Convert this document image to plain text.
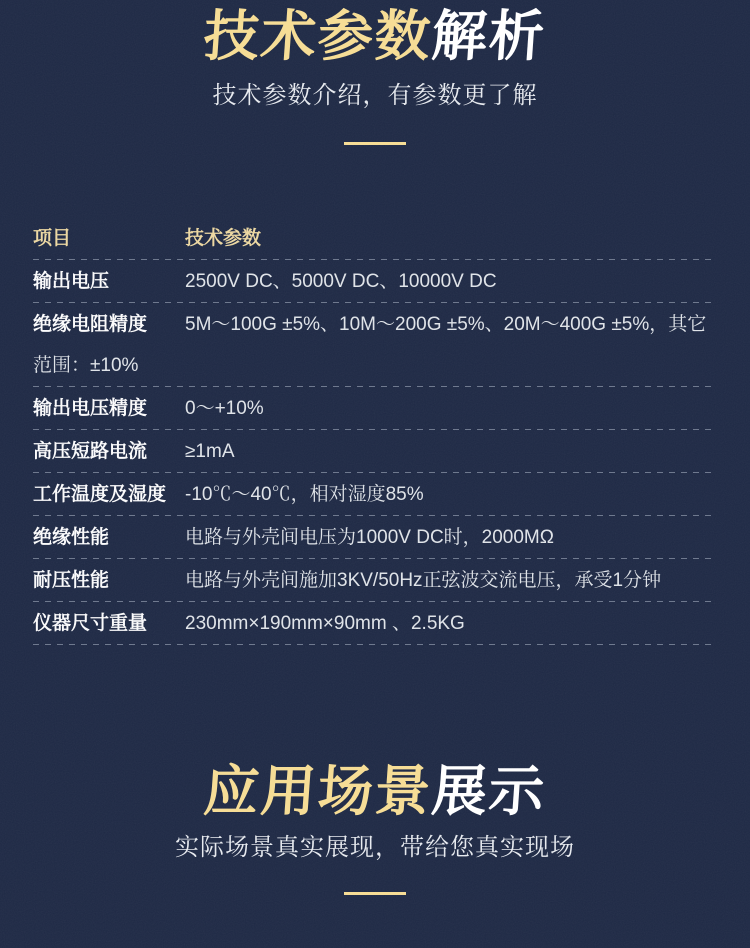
技术参数解析
技术参数介绍，有参数更了解
项目	技术参数
输出电压	2500V DC、5000V DC、10000V DC
绝缘电阻精度 5M～100G ±5%、10M～200G ±5%、20M～400G ±5%，其它范围：±10%
输出电压精度 0～+10%
高压短路电流 ≥1mA
工作温度及湿度 -10℃～40℃，相对湿度85%
绝缘性能	电路与外壳间电压为1000V DC时，2000MΩ
耐压性能	电路与外壳间施加3KV/50Hz正弦波交流电压，承受1分钟
仪器尺寸重量 230mm×190mm×90mm 、2.5KG
应用场景展示
实际场景真实展现，带给您真实现场
